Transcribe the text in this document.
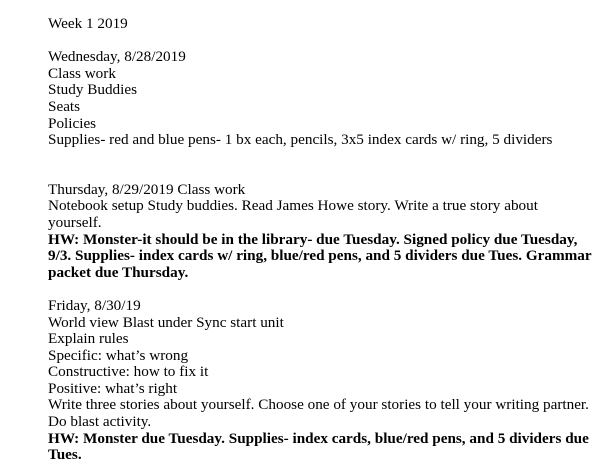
Week 1 2019
Wednesday, 8/28/2019
Class work
Study Buddies
Seats
Policies
Supplies- red and blue pens- 1 bx each, pencils, 3x5 index cards w/ ring, 5 dividers
Thursday, 8/29/2019 Class work
Notebook setup Study buddies. Read James Howe story. Write a true story about
yourself.
HW: Monster-it should be in the library- due Tuesday. Signed policy due Tuesday,
9/3. Supplies- index cards w/ ring, blue/red pens, and 5 dividers due Tues. Grammar
packet due Thursday.
Friday, 8/30/19
World view Blast under Sync start unit
Explain rules
Specific: what’s wrong
Constructive: how to fix it
Positive: what’s right
Write three stories about yourself. Choose one of your stories to tell your writing partner.
Do blast activity.
HW: Monster due Tuesday. Supplies- index cards, blue/red pens, and 5 dividers due
Tues.
